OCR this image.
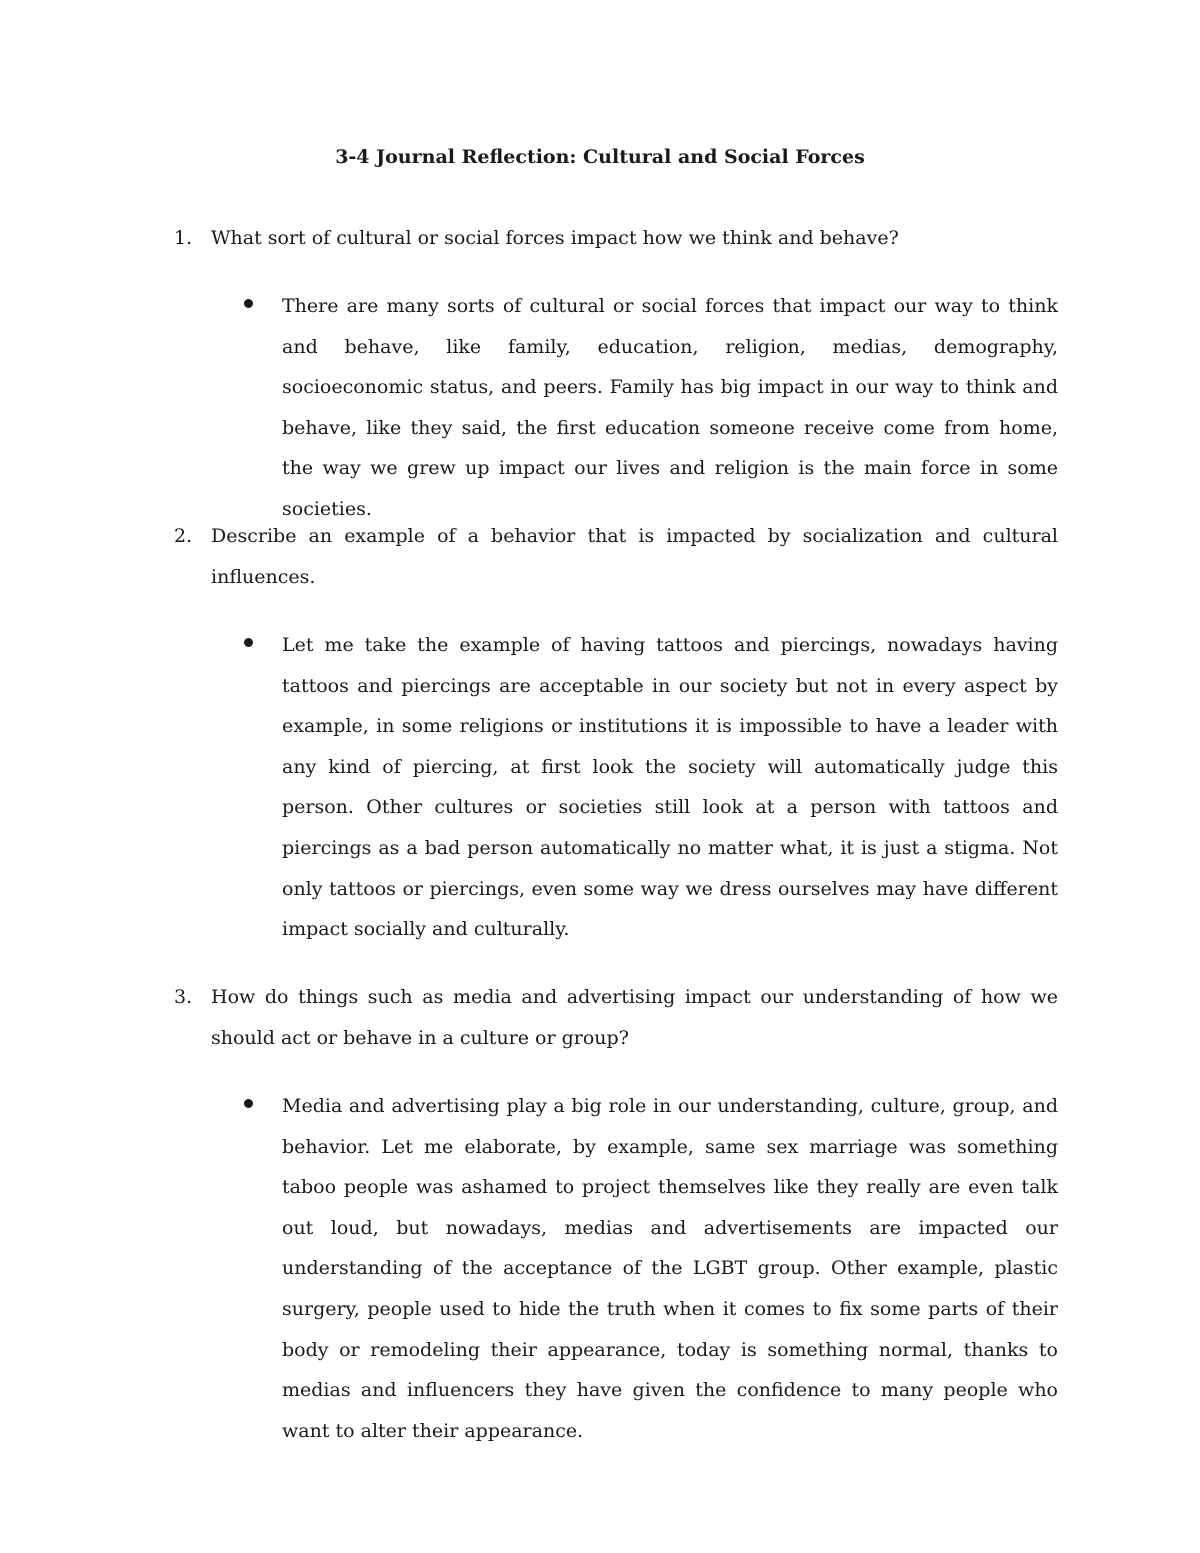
3-4 Journal Reflection: Cultural and Social Forces
1. What sort of cultural or social forces impact how we think and behave?
There are many sorts of cultural or social forces that impact our way to think and behave, like family, education, religion, medias, demography, socioeconomic status, and peers. Family has big impact in our way to think and behave, like they said, the first education someone receive come from home, the way we grew up impact our lives and religion is the main force in some societies.
2. Describe an example of a behavior that is impacted by socialization and cultural influences.
Let me take the example of having tattoos and piercings, nowadays having tattoos and piercings are acceptable in our society but not in every aspect by example, in some religions or institutions it is impossible to have a leader with any kind of piercing, at first look the society will automatically judge this person. Other cultures or societies still look at a person with tattoos and piercings as a bad person automatically no matter what, it is just a stigma. Not only tattoos or piercings, even some way we dress ourselves may have different impact socially and culturally.
3. How do things such as media and advertising impact our understanding of how we should act or behave in a culture or group?
Media and advertising play a big role in our understanding, culture, group, and behavior. Let me elaborate, by example, same sex marriage was something taboo people was ashamed to project themselves like they really are even talk out loud, but nowadays, medias and advertisements are impacted our understanding of the acceptance of the LGBT group. Other example, plastic surgery, people used to hide the truth when it comes to fix some parts of their body or remodeling their appearance, today is something normal, thanks to medias and influencers they have given the confidence to many people who want to alter their appearance.
